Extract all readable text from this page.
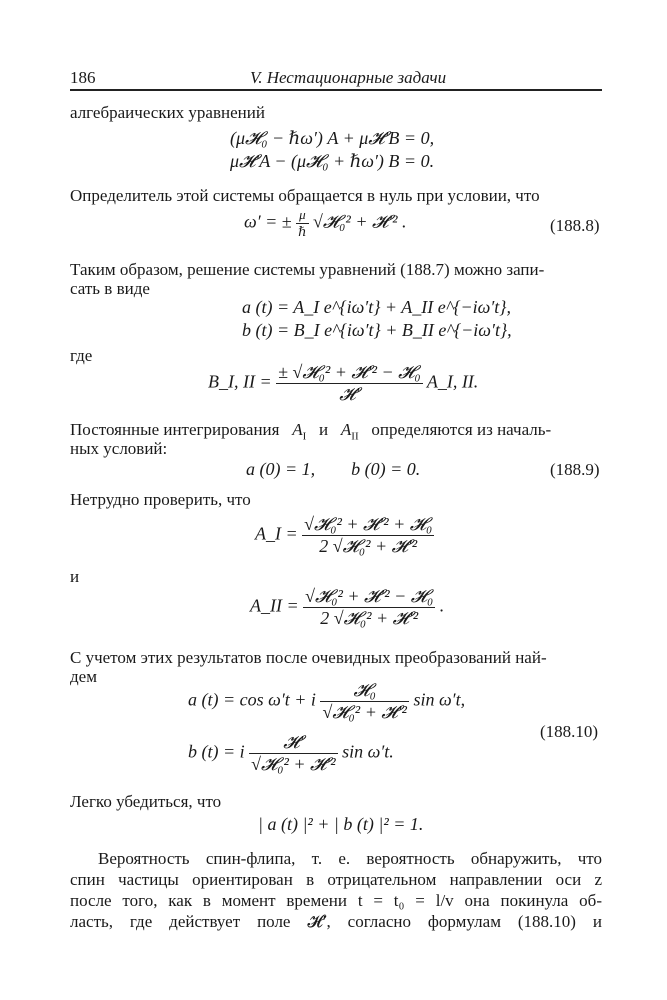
186	V. Нестационарные задачи
алгебраических уравнений
(μ𝓗₀ − ℏω′) A + μ𝓗′B = 0,
μ𝓗′A − (μ𝓗₀ + ℏω′) B = 0.
Определитель этой системы обращается в нуль при условии, что
ω′ = ± $\frac{\mu}{\text{ℏ}}$ √𝓗₀² + 𝓗′² .	(188.8)
Таким образом, решение системы уравнений (188.7) можно запи-
сать в виде
a (t) = A_I e^{iω′t} + A_II e^{−iω′t},
b (t) = B_I e^{iω′t} + B_II e^{−iω′t},
где
B_I, II = $\frac{\text{± √𝓗₀² + 𝓗′² − 𝓗₀}}{\text{𝓗′}}$ A_I, II.
Постоянные интегрирования $A_I$ и $A_{II}$ определяются из началь-
ных условий:
a (0) = 1,        b (0) = 0.	(188.9)
Нетрудно проверить, что
A_I = $\frac{\text{√𝓗₀² + 𝓗′² + 𝓗₀}}{\text{2 √𝓗₀² + 𝓗′²}}$
и
A_II = $\frac{\text{√𝓗₀² + 𝓗′² − 𝓗₀}}{\text{2 √𝓗₀² + 𝓗′²}}$ .
С учетом этих результатов после очевидных преобразований най-
дем
a (t) = cos ω′t + i $\frac{\text{𝓗₀}}{\text{√𝓗₀² + 𝓗′²}}$ sin ω′t,
b (t) = i $\frac{\text{𝓗′}}{\text{√𝓗₀² + 𝓗′²}}$ sin ω′t.
(188.10)
Легко убедиться, что
| a (t) |² + | b (t) |² = 1.
Вероятность спин-флипа, т. е. вероятность обнаружить, что
спин частицы ориентирован в отрицательном направлении оси z
после того, как в момент времени t = t₀ = l/v она покинула об-
ласть, где действует поле 𝓗′, согласно формулам (188.10) и
